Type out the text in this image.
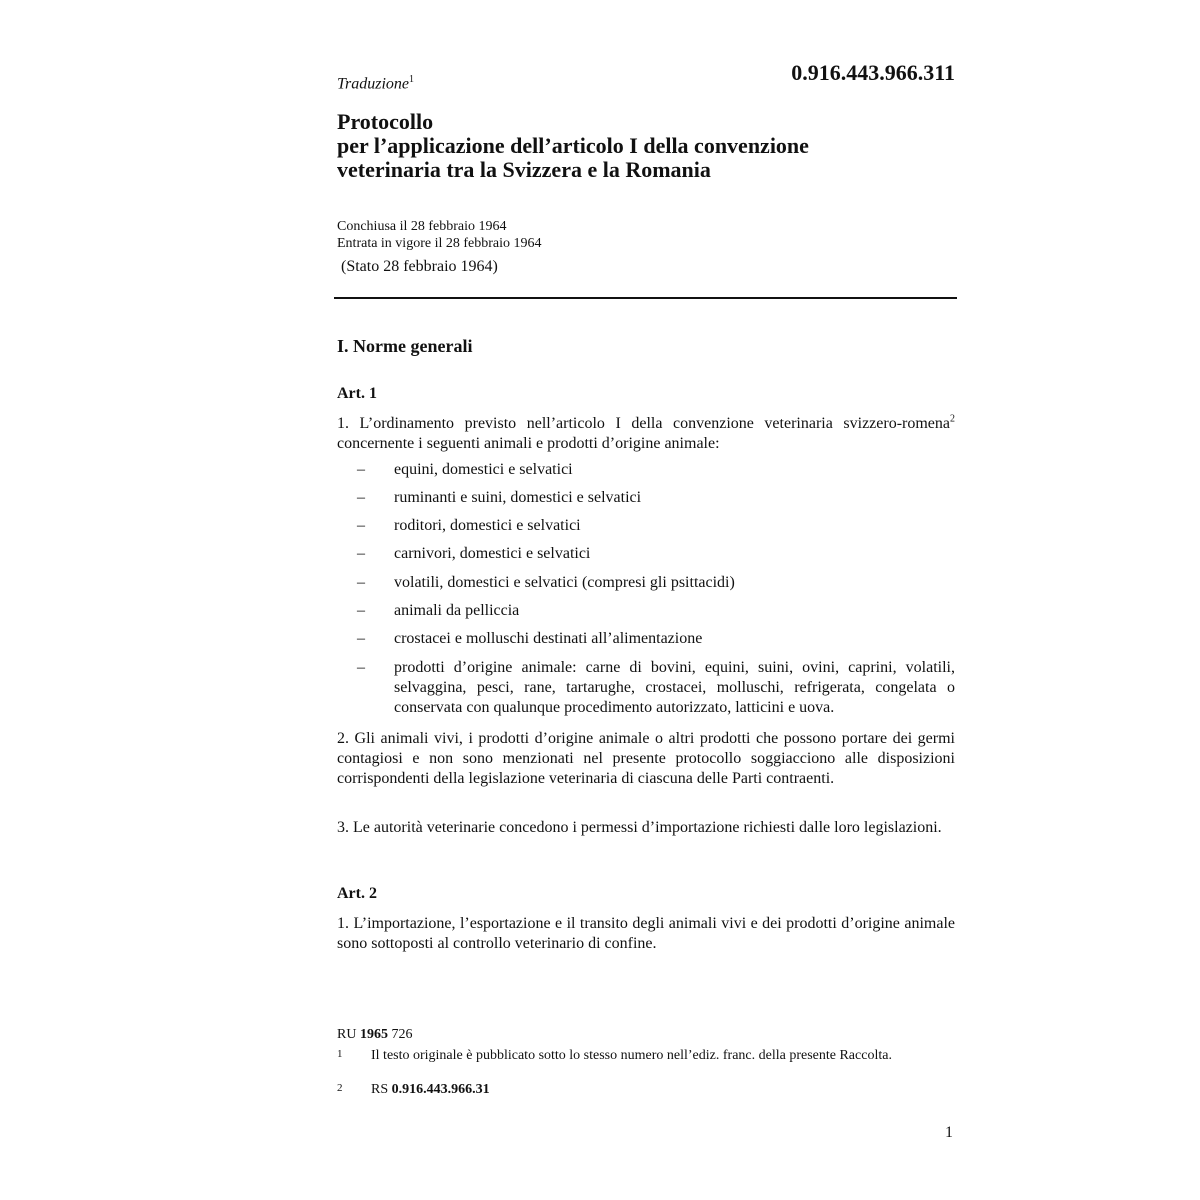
Traduzione$^1$	0.916.443.966.311
Protocollo
per l’applicazione dell’articolo I della convenzione
veterinaria tra la Svizzera e la Romania
Conchiusa il 28 febbraio 1964
Entrata in vigore il 28 febbraio 1964
(Stato 28 febbraio 1964)
I. Norme generali
Art. 1
1. L’ordinamento previsto nell’articolo I della convenzione veterinaria svizzero-romena$^2$ concernente i seguenti animali e prodotti d’origine animale:
– equini, domestici e selvatici
– ruminanti e suini, domestici e selvatici
– roditori, domestici e selvatici
– carnivori, domestici e selvatici
– volatili, domestici e selvatici (compresi gli psittacidi)
– animali da pelliccia
– crostacei e molluschi destinati all’alimentazione
– prodotti d’origine animale: carne di bovini, equini, suini, ovini, caprini, volatili, selvaggina, pesci, rane, tartarughe, crostacei, molluschi, refrigerata, congelata o conservata con qualunque procedimento autorizzato, latticini e uova.
2. Gli animali vivi, i prodotti d’origine animale o altri prodotti che possono portare dei germi contagiosi e non sono menzionati nel presente protocollo soggiacciono alle disposizioni corrispondenti della legislazione veterinaria di ciascuna delle Parti contraenti.
3. Le autorità veterinarie concedono i permessi d’importazione richiesti dalle loro legislazioni.
Art. 2
1. L’importazione, l’esportazione e il transito degli animali vivi e dei prodotti d’origine animale sono sottoposti al controllo veterinario di confine.
RU 1965 726
1 Il testo originale è pubblicato sotto lo stesso numero nell’ediz. franc. della presente Raccolta.
2 RS 0.916.443.966.31
1
